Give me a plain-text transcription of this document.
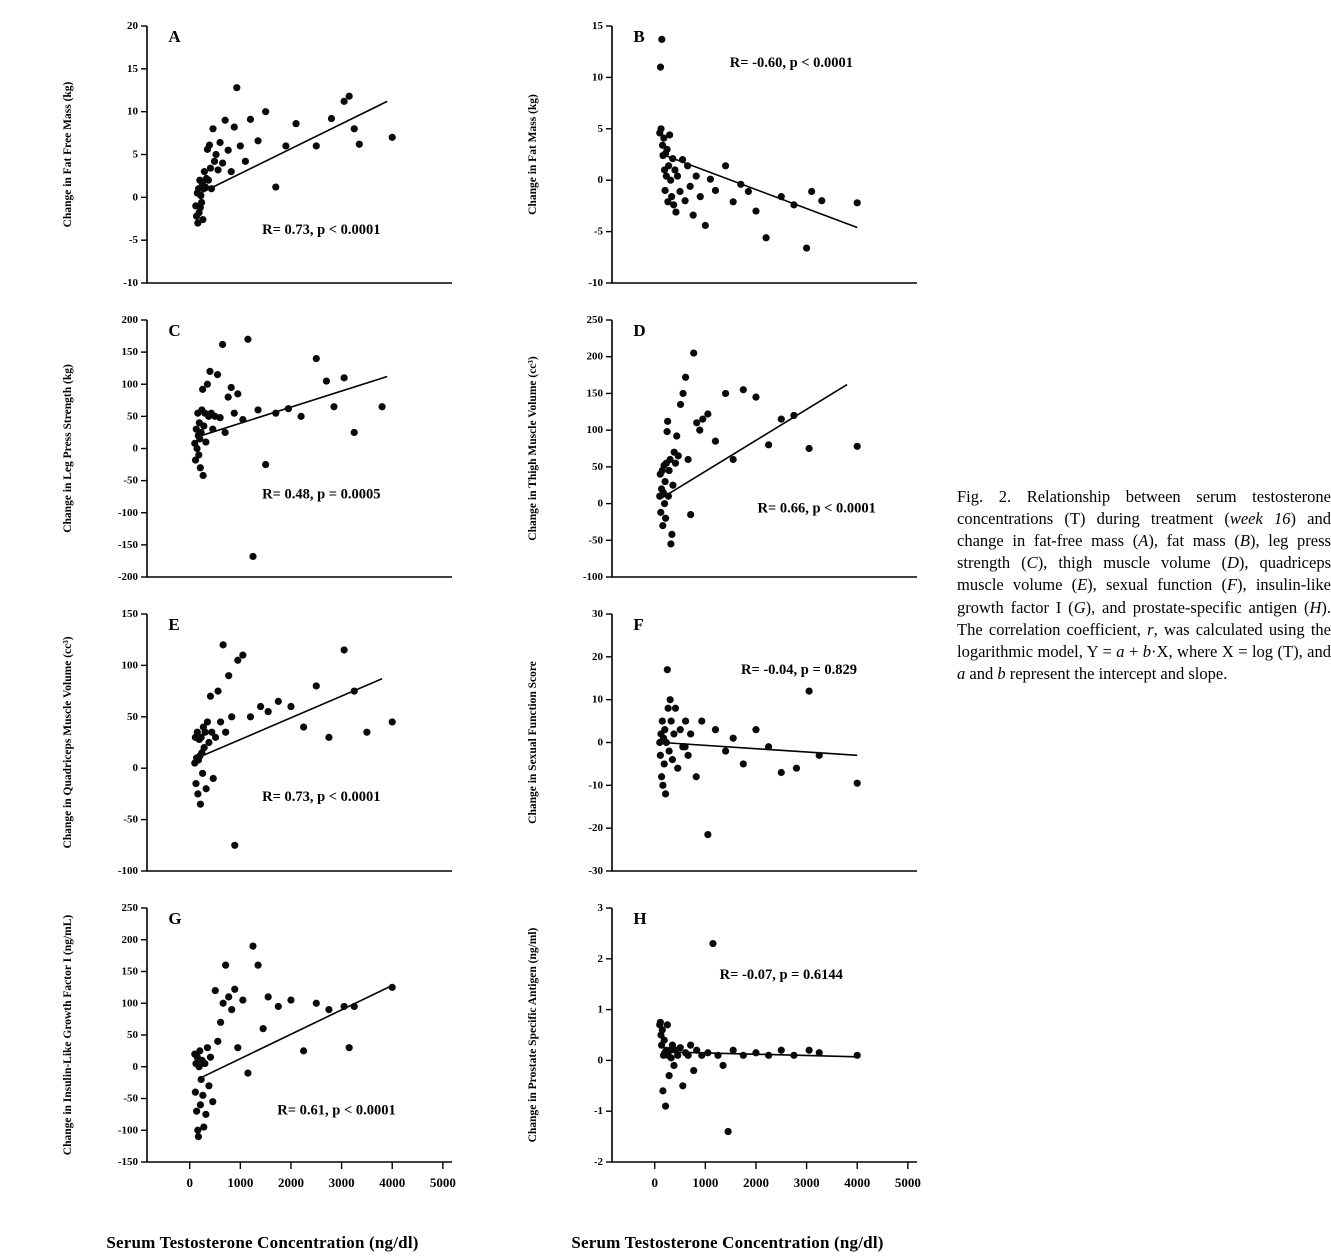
-10
-5
0
5
10
15
20
R= 0.73, p < 0.0001
A
Change in Fat Free Mass (kg)
-200
-150
-100
-50
0
50
100
150
200
R= 0.48, p = 0.0005
C
Change in Leg Press Strength (kg)
-100
-50
0
50
100
150
R= 0.73, p < 0.0001
E
Change in Quadriceps Muscle Volume (cc³)
-150
-100
-50
0
50
100
150
200
250
0	1000 2000 3000 4000 5000
R= 0.61, p < 0.0001
G
Change in Insulin-Like Growth Factor I (ng/mL)
Serum Testosterone Concentration (ng/dl)
-10
-5
0
5
10
15
R= -0.60, p < 0.0001
B
Change in Fat Mass (kg)
-100
-50
0
50
100
150
200
250
R= 0.66, p < 0.0001
D
Change in Thigh Muscle Volume (cc³)
-30
-20
-10
0
10
20
30
R= -0.04, p = 0.829
F
Change in Sexual Function Score
-2
-1
0
1
2
3
0	1000 2000 3000 4000 5000
R= -0.07, p = 0.6144
H
Change in Prostate Specific Antigen (ng/ml)
Serum Testosterone Concentration (ng/dl)
Fig. 2. Relationship between serum testosterone concentrations (T) during treatment (week 16) and change in fat-free mass (A), fat mass (B), leg press strength (C), thigh muscle volume (D), quadriceps muscle volume (E), sexual function (F), insulin-like growth factor I (G), and prostate-specific antigen (H). The correlation coefficient, r, was calculated using the logarithmic model, Y = a + b·X, where X = log (T), and a and b represent the intercept and slope.
